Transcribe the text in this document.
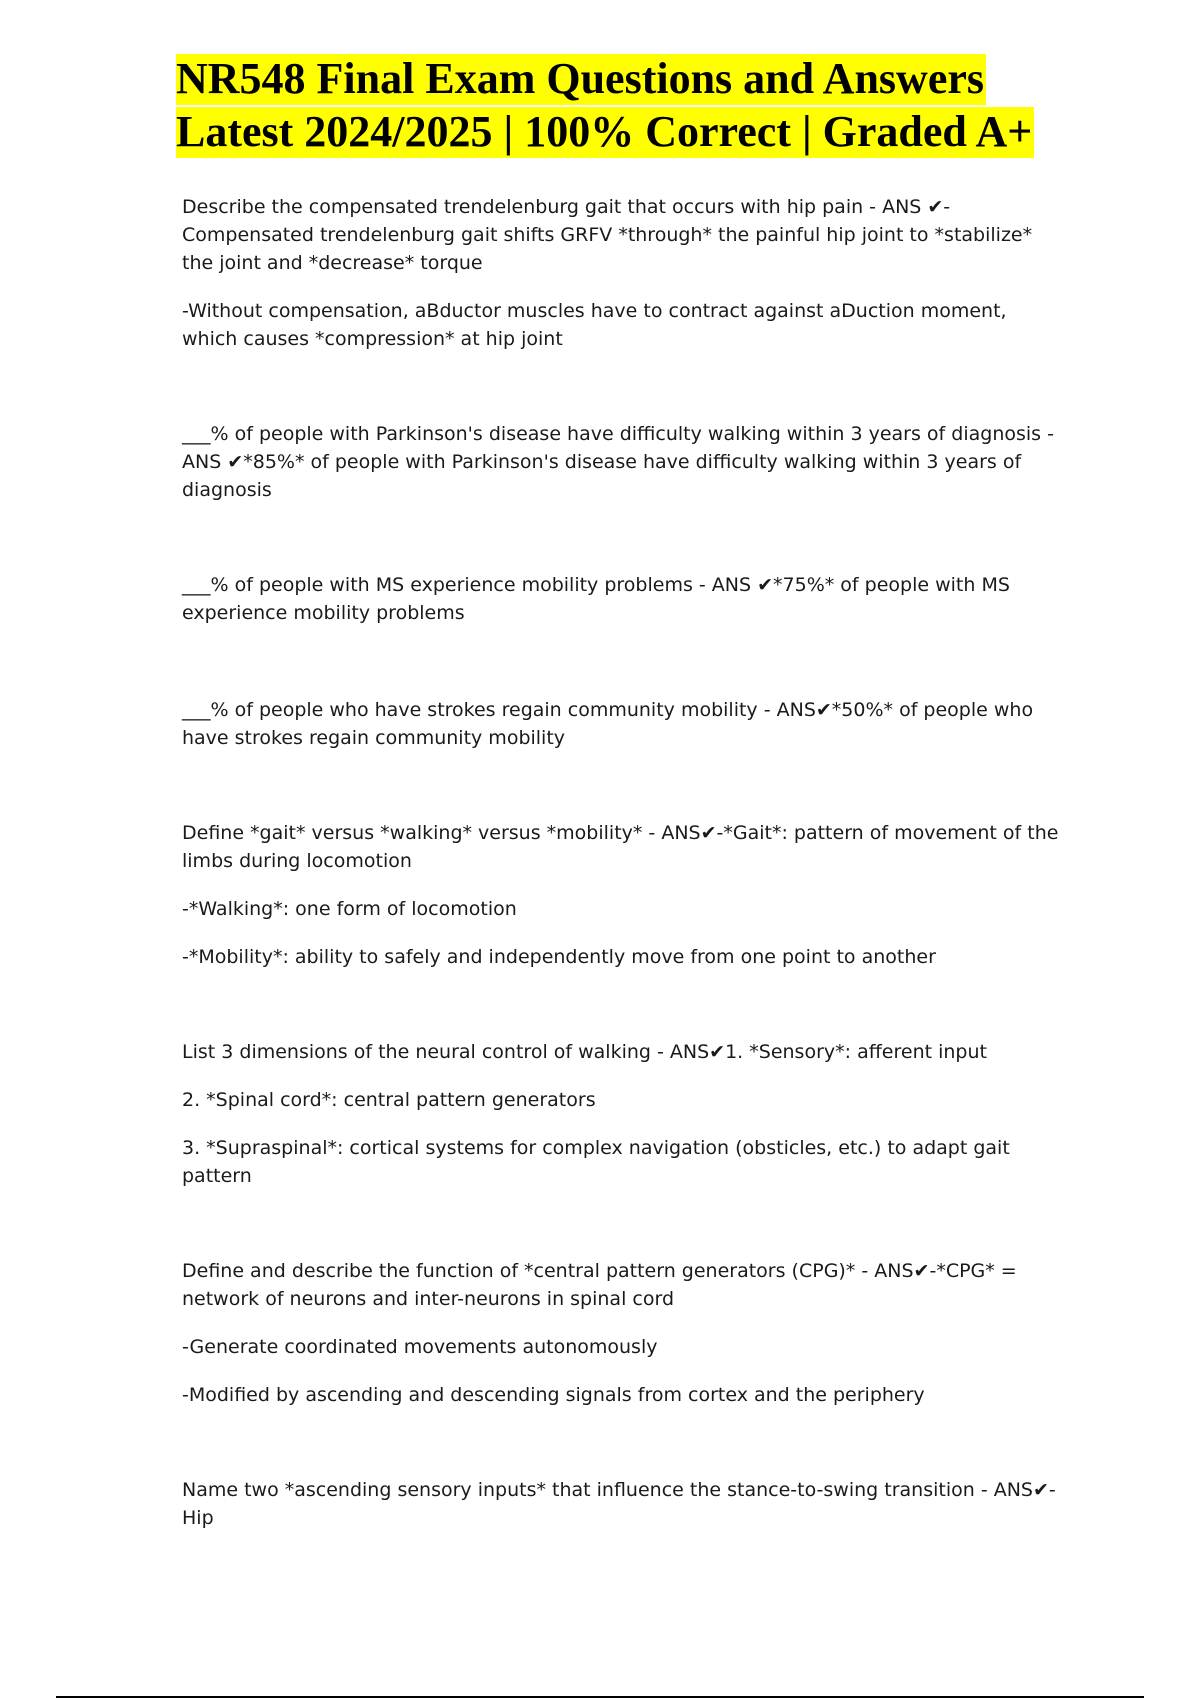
NR548 Final Exam Questions and Answers
Latest 2024/2025 | 100% Correct | Graded A+

Describe the compensated trendelenburg gait that occurs with hip pain - ANS ✔-Compensated trendelenburg gait shifts GRFV *through* the painful hip joint to *stabilize* the joint and *decrease* torque

-Without compensation, aBductor muscles have to contract against aDuction moment, which causes *compression* at hip joint

___% of people with Parkinson's disease have difficulty walking within 3 years of diagnosis - ANS ✔*85%* of people with Parkinson's disease have difficulty walking within 3 years of diagnosis

___% of people with MS experience mobility problems - ANS ✔*75%* of people with MS experience mobility problems

___% of people who have strokes regain community mobility - ANS✔*50%* of people who have strokes regain community mobility

Define *gait* versus *walking* versus *mobility* - ANS✔-*Gait*: pattern of movement of the limbs during locomotion

-*Walking*: one form of locomotion

-*Mobility*: ability to safely and independently move from one point to another

List 3 dimensions of the neural control of walking - ANS✔1. *Sensory*: afferent input

2. *Spinal cord*: central pattern generators

3. *Supraspinal*: cortical systems for complex navigation (obsticles, etc.) to adapt gait pattern

Define and describe the function of *central pattern generators (CPG)* - ANS✔-*CPG* = network of neurons and inter-neurons in spinal cord

-Generate coordinated movements autonomously

-Modified by ascending and descending signals from cortex and the periphery

Name two *ascending sensory inputs* that influence the stance-to-swing transition - ANS✔-Hip
